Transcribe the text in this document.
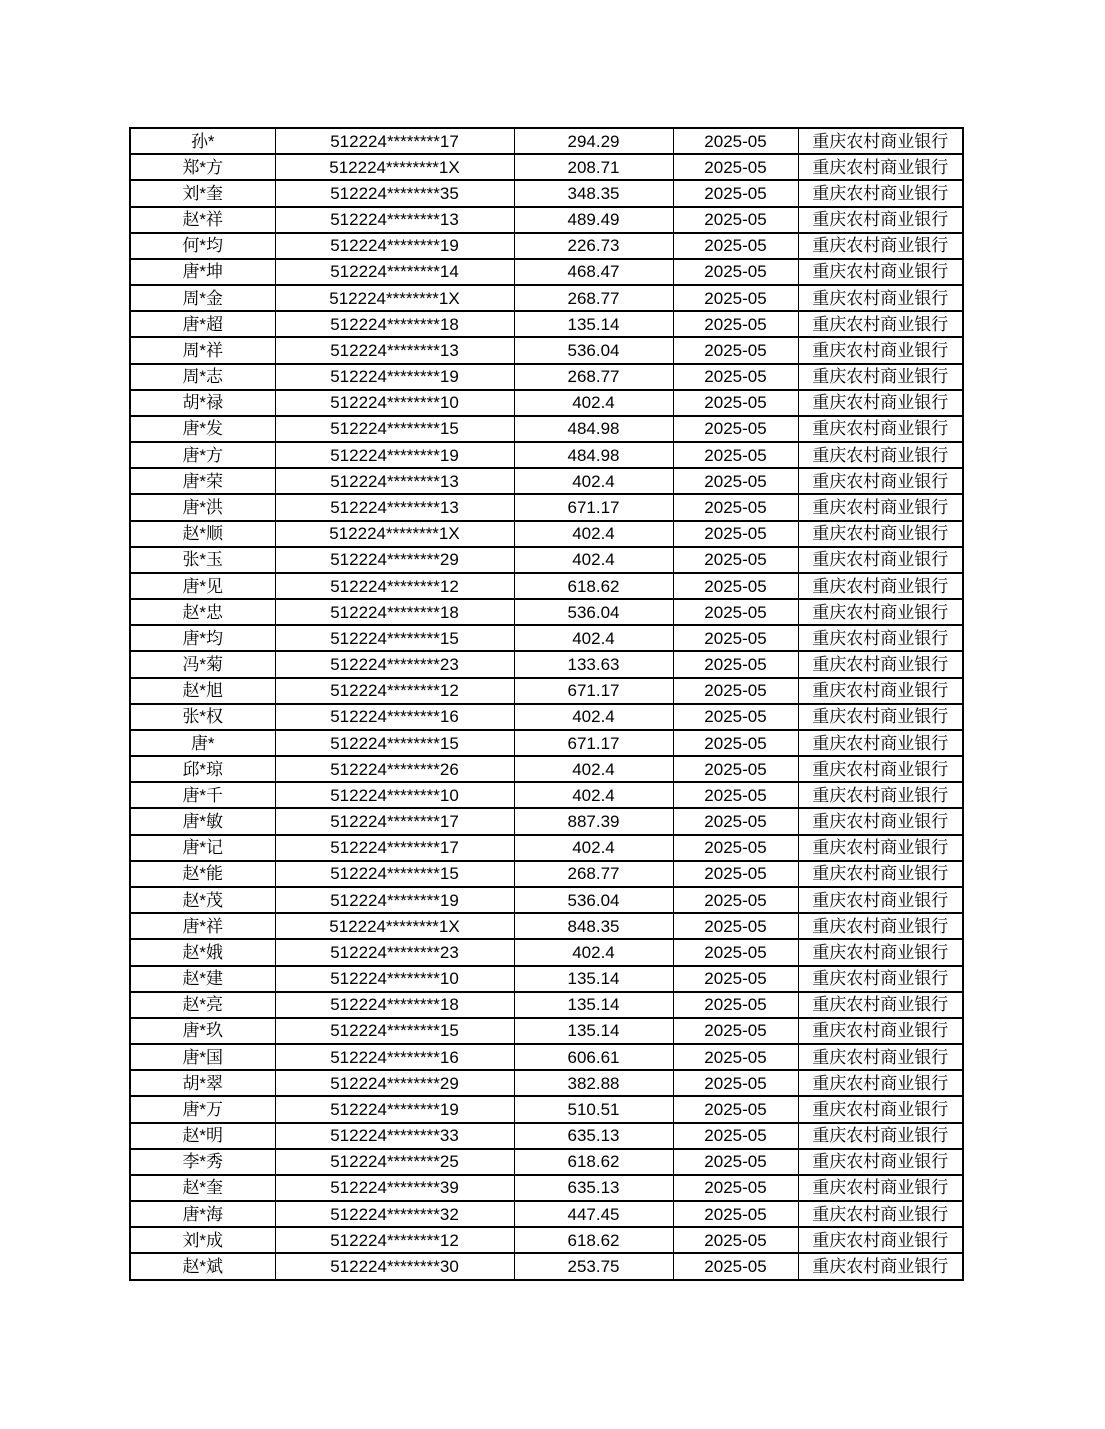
孙*	512224********17	294.29	2025-05	重庆农村商业银行
郑*方	512224********1X	208.71	2025-05	重庆农村商业银行
刘*奎	512224********35	348.35	2025-05	重庆农村商业银行
赵*祥	512224********13	489.49	2025-05	重庆农村商业银行
何*均	512224********19	226.73	2025-05	重庆农村商业银行
唐*坤	512224********14	468.47	2025-05	重庆农村商业银行
周*金	512224********1X	268.77	2025-05	重庆农村商业银行
唐*超	512224********18	135.14	2025-05	重庆农村商业银行
周*祥	512224********13	536.04	2025-05	重庆农村商业银行
周*志	512224********19	268.77	2025-05	重庆农村商业银行
胡*禄	512224********10	402.4	2025-05	重庆农村商业银行
唐*发	512224********15	484.98	2025-05	重庆农村商业银行
唐*方	512224********19	484.98	2025-05	重庆农村商业银行
唐*荣	512224********13	402.4	2025-05	重庆农村商业银行
唐*洪	512224********13	671.17	2025-05	重庆农村商业银行
赵*顺	512224********1X	402.4	2025-05	重庆农村商业银行
张*玉	512224********29	402.4	2025-05	重庆农村商业银行
唐*见	512224********12	618.62	2025-05	重庆农村商业银行
赵*忠	512224********18	536.04	2025-05	重庆农村商业银行
唐*均	512224********15	402.4	2025-05	重庆农村商业银行
冯*菊	512224********23	133.63	2025-05	重庆农村商业银行
赵*旭	512224********12	671.17	2025-05	重庆农村商业银行
张*权	512224********16	402.4	2025-05	重庆农村商业银行
唐*	512224********15	671.17	2025-05	重庆农村商业银行
邱*琼	512224********26	402.4	2025-05	重庆农村商业银行
唐*千	512224********10	402.4	2025-05	重庆农村商业银行
唐*敏	512224********17	887.39	2025-05	重庆农村商业银行
唐*记	512224********17	402.4	2025-05	重庆农村商业银行
赵*能	512224********15	268.77	2025-05	重庆农村商业银行
赵*茂	512224********19	536.04	2025-05	重庆农村商业银行
唐*祥	512224********1X	848.35	2025-05	重庆农村商业银行
赵*娥	512224********23	402.4	2025-05	重庆农村商业银行
赵*建	512224********10	135.14	2025-05	重庆农村商业银行
赵*亮	512224********18	135.14	2025-05	重庆农村商业银行
唐*玖	512224********15	135.14	2025-05	重庆农村商业银行
唐*国	512224********16	606.61	2025-05	重庆农村商业银行
胡*翠	512224********29	382.88	2025-05	重庆农村商业银行
唐*万	512224********19	510.51	2025-05	重庆农村商业银行
赵*明	512224********33	635.13	2025-05	重庆农村商业银行
李*秀	512224********25	618.62	2025-05	重庆农村商业银行
赵*奎	512224********39	635.13	2025-05	重庆农村商业银行
唐*海	512224********32	447.45	2025-05	重庆农村商业银行
刘*成	512224********12	618.62	2025-05	重庆农村商业银行
赵*斌	512224********30	253.75	2025-05	重庆农村商业银行
